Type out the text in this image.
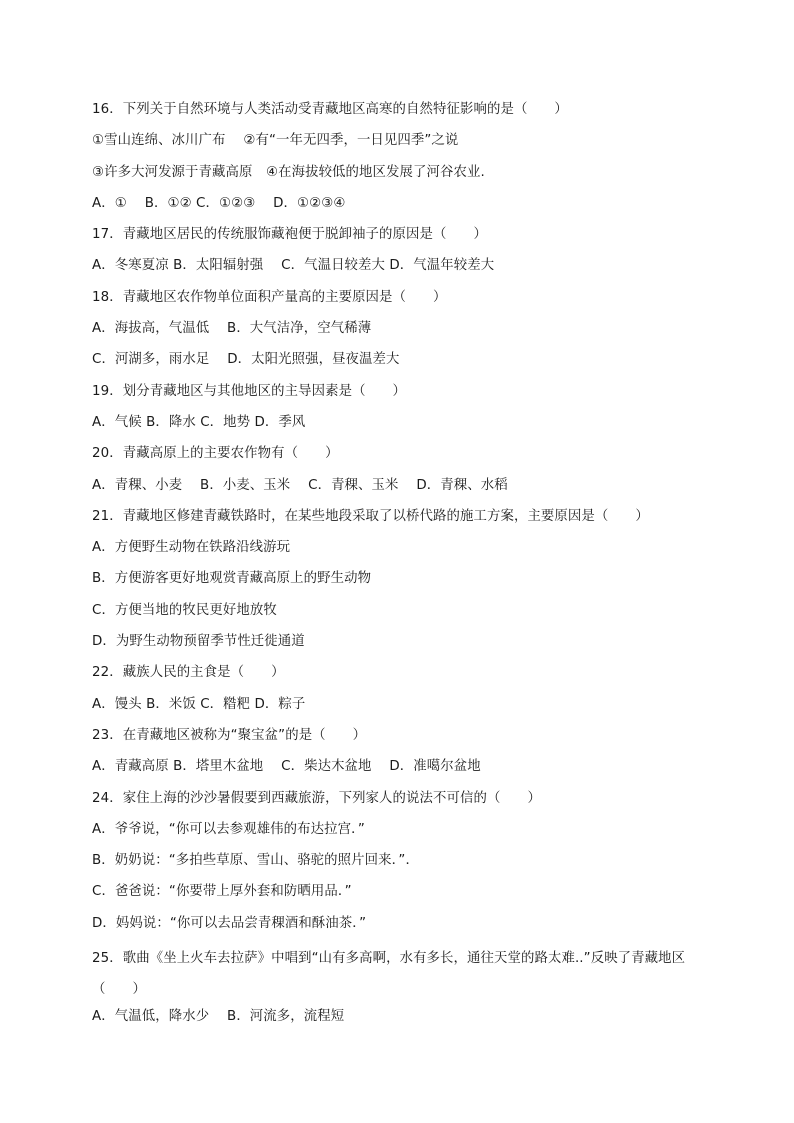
16．下列关于自然环境与人类活动受青藏地区高寒的自然特征影响的是（　　）
①雪山连绵、冰川广布　 ②有“一年无四季，一日见四季”之说
③许多大河发源于青藏高原　④在海拔较低的地区发展了河谷农业.
A．①　 B．①② C．①②③　 D．①②③④
17．青藏地区居民的传统服饰藏袍便于脱卸袖子的原因是（　　）
A．冬寒夏凉 B．太阳辐射强　 C．气温日较差大 D．气温年较差大
18．青藏地区农作物单位面积产量高的主要原因是（　　）
A．海拔高，气温低　 B．大气洁净，空气稀薄
C．河湖多，雨水足　 D．太阳光照强，昼夜温差大
19．划分青藏地区与其他地区的主导因素是（　　）
A．气候 B．降水 C．地势 D．季风
20．青藏高原上的主要农作物有（　　）
A．青稞、小麦　 B．小麦、玉米　 C．青稞、玉米　 D．青稞、水稻
21．青藏地区修建青藏铁路时，在某些地段采取了以桥代路的施工方案，主要原因是（　　）
A．方便野生动物在铁路沿线游玩
B．方便游客更好地观赏青藏高原上的野生动物
C．方便当地的牧民更好地放牧
D．为野生动物预留季节性迁徙通道
22．藏族人民的主食是（　　）
A．馒头 B．米饭 C．糌粑 D．粽子
23．在青藏地区被称为“聚宝盆”的是（　　）
A．青藏高原 B．塔里木盆地　 C．柴达木盆地　 D．准噶尔盆地
24．家住上海的沙沙暑假要到西藏旅游，下列家人的说法不可信的（　　）
A．爷爷说，“你可以去参观雄伟的布达拉宫．”
B．奶奶说：“多拍些草原、雪山、骆驼的照片回来．”．
C．爸爸说：“你要带上厚外套和防晒用品．”
D．妈妈说：“你可以去品尝青稞酒和酥油茶．”
25．歌曲《坐上火车去拉萨》中唱到“山有多高啊，水有多长，通往天堂的路太难..”反映了青藏地区（　　）
A．气温低，降水少　 B．河流多，流程短
